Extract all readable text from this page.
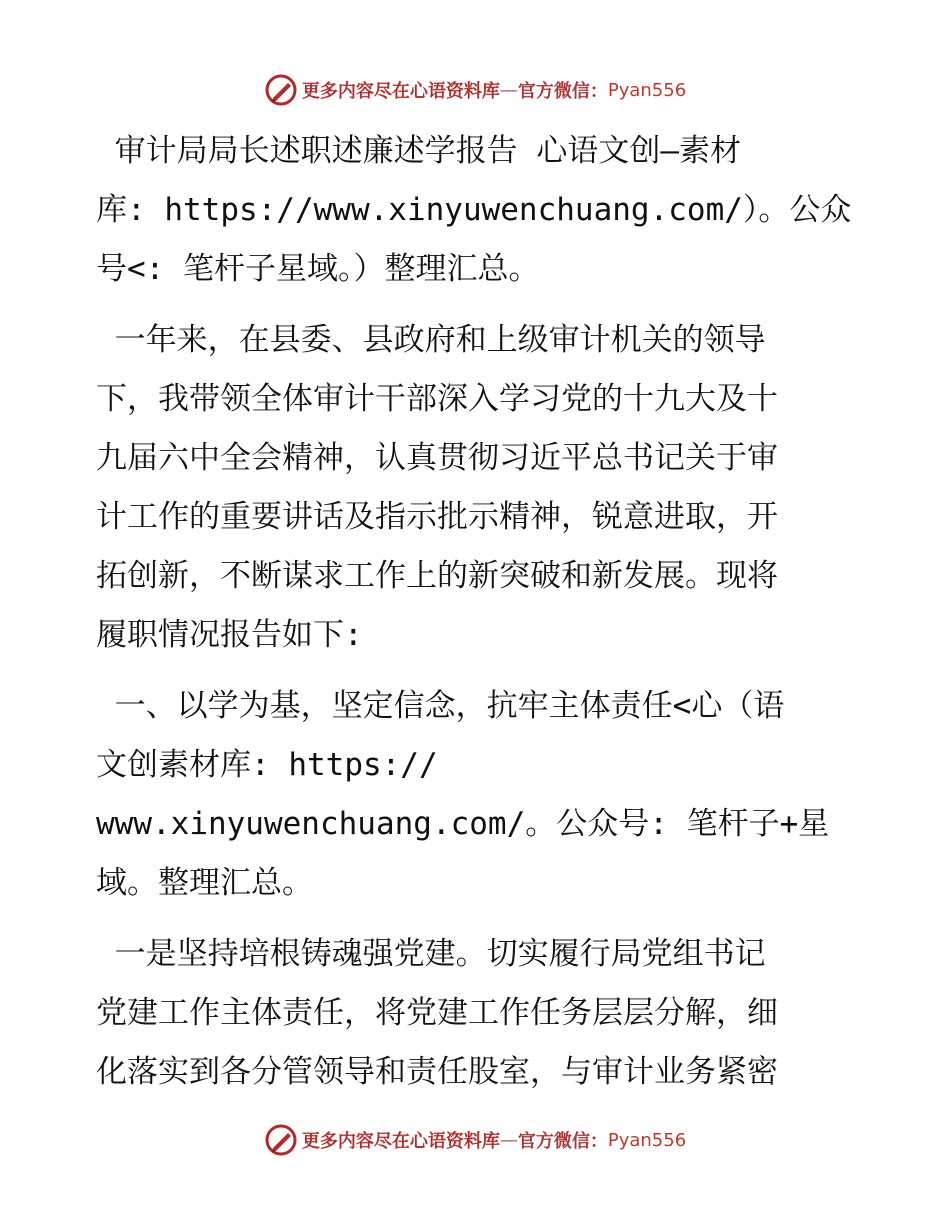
更多内容尽在心语资料库 — 官方微信： Pyan556

审计局局长述职述廉述学报告 心语文创—素材
库: https://www.xinyuwenchuang.com/）。公众
号<: 笔杆子星域。）整理汇总。

一年来，在县委、县政府和上级审计机关的领导
下，我带领全体审计干部深入学习党的十九大及十
九届六中全会精神，认真贯彻习近平总书记关于审
计工作的重要讲话及指示批示精神，锐意进取，开
拓创新，不断谋求工作上的新突破和新发展。现将
履职情况报告如下:

一、以学为基，坚定信念，抗牢主体责任<心（语
文创素材库: https://
www.xinyuwenchuang.com/。公众号: 笔杆子+星
域。整理汇总。

一是坚持培根铸魂强党建。切实履行局党组书记
党建工作主体责任，将党建工作任务层层分解，细
化落实到各分管领导和责任股室，与审计业务紧密

更多内容尽在心语资料库 — 官方微信： Pyan556
